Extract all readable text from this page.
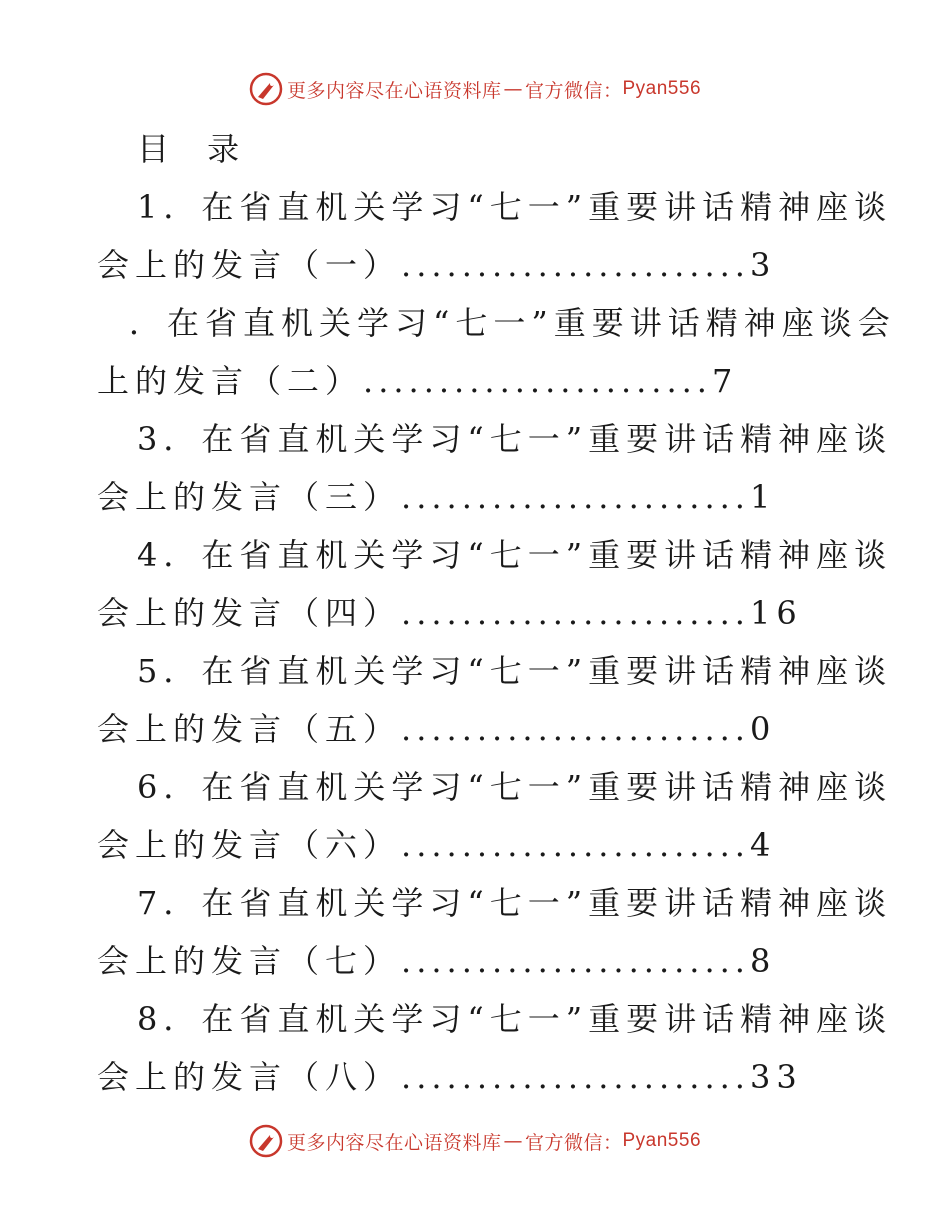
更多内容尽在心语资料库 — 官方微信： Pyan556
目 录
1．在省直机关学习“七一”重要讲话精神座谈
会上的发言（一）.......................3
．在省直机关学习“七一”重要讲话精神座谈会
上的发言（二）.......................7
3．在省直机关学习“七一”重要讲话精神座谈
会上的发言（三）.......................1
4．在省直机关学习“七一”重要讲话精神座谈
会上的发言（四）.......................16
5．在省直机关学习“七一”重要讲话精神座谈
会上的发言（五）.......................0
6．在省直机关学习“七一”重要讲话精神座谈
会上的发言（六）.......................4
7．在省直机关学习“七一”重要讲话精神座谈
会上的发言（七）.......................8
8．在省直机关学习“七一”重要讲话精神座谈
会上的发言（八）.......................33
更多内容尽在心语资料库 — 官方微信： Pyan556
